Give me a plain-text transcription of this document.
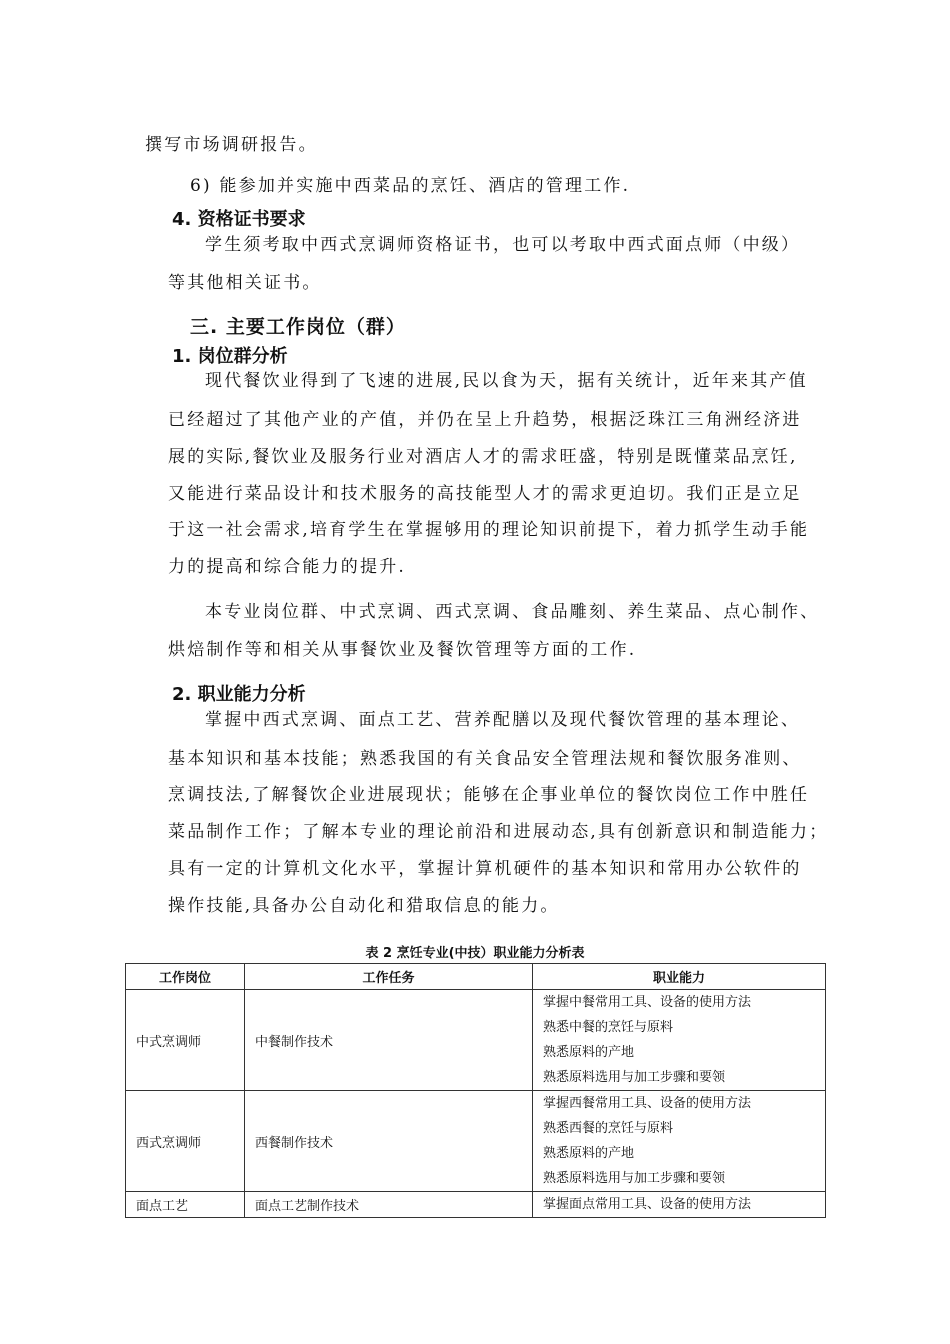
撰写市场调研报告。
6) 能参加并实施中西菜品的烹饪、酒店的管理工作.
4. 资格证书要求
学生须考取中西式烹调师资格证书，也可以考取中西式面点师（中级）
等其他相关证书。
三. 主要工作岗位（群）
1. 岗位群分析
现代餐饮业得到了飞速的进展,民以食为天，据有关统计，近年来其产值
已经超过了其他产业的产值，并仍在呈上升趋势，根据泛珠江三角洲经济进
展的实际,餐饮业及服务行业对酒店人才的需求旺盛，特别是既懂菜品烹饪,
又能进行菜品设计和技术服务的高技能型人才的需求更迫切。我们正是立足
于这一社会需求,培育学生在掌握够用的理论知识前提下，着力抓学生动手能
力的提高和综合能力的提升.
本专业岗位群、中式烹调、西式烹调、食品雕刻、养生菜品、点心制作、
烘焙制作等和相关从事餐饮业及餐饮管理等方面的工作.
2. 职业能力分析
掌握中西式烹调、面点工艺、营养配膳以及现代餐饮管理的基本理论、
基本知识和基本技能；熟悉我国的有关食品安全管理法规和餐饮服务准则、
烹调技法,了解餐饮企业进展现状；能够在企事业单位的餐饮岗位工作中胜任
菜品制作工作；了解本专业的理论前沿和进展动态,具有创新意识和制造能力；
具有一定的计算机文化水平，掌握计算机硬件的基本知识和常用办公软件的
操作技能,具备办公自动化和猎取信息的能力。
表 2 烹饪专业(中技）职业能力分析表
工作岗位	工作任务	职业能力
中式烹调师	中餐制作技术	掌握中餐常用工具、设备的使用方法
熟悉中餐的烹饪与原料
熟悉原料的产地
熟悉原料选用与加工步骤和要领

西式烹调师	西餐制作技术	掌握西餐常用工具、设备的使用方法
熟悉西餐的烹饪与原料
熟悉原料的产地
熟悉原料选用与加工步骤和要领

面点工艺	面点工艺制作技术	掌握面点常用工具、设备的使用方法
